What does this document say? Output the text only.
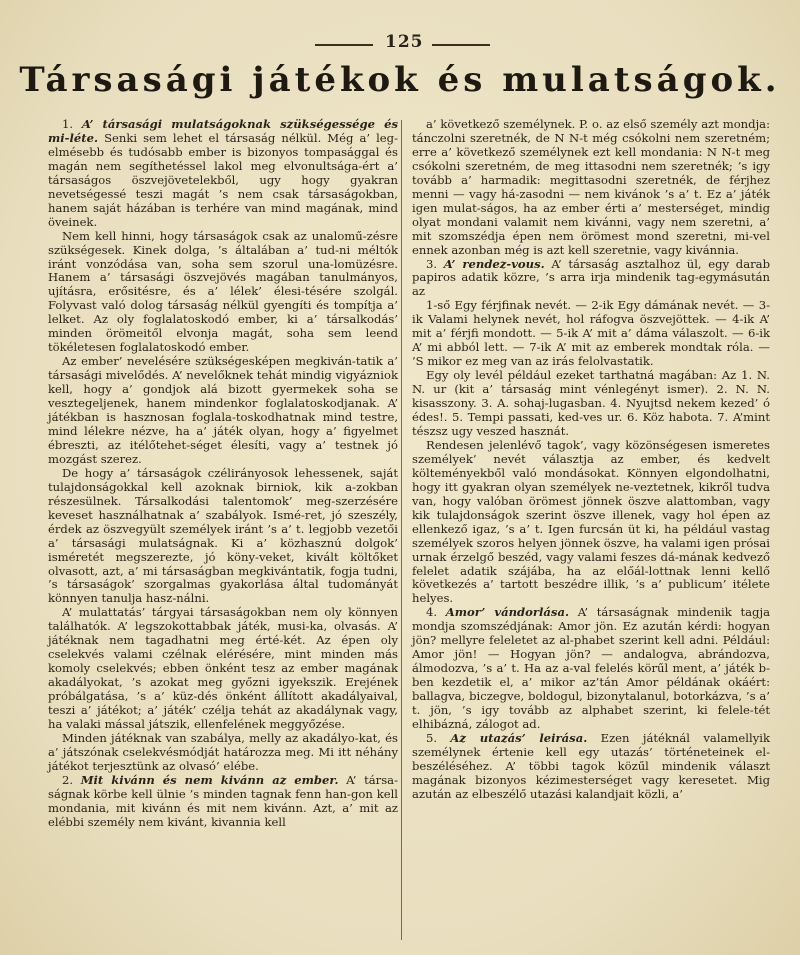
125
Társasági játékok és mulatságok.

1. A’ társasági mulatságoknak szükségessége és mi-léte. Senki sem lehet el társaság nélkül. Még a’ leg-elmésebb és tudósabb ember is bizonyos tompasággal és magán nem segíthetéssel lakol meg elvonultsága-ért a’ társaságos öszvejövetelekből, ugy hogy gyakran nevetségessé teszi magát ’s nem csak társaságokban, hanem saját házában is terhére van mind magának, mind öveinek.

Nem kell hinni, hogy társaságok csak az unalomű-zésre szükségesek. Kinek dolga, ’s általában a’ tud-ni méltók iránt vonzódása van, soha sem szorul una-lomüzésre. Hanem a’ társasági öszvejövés magában tanulmányos, ujításra, erősitésre, és a’ lélek’ élesi-tésére szolgál. Folyvast való dolog társaság nélkül gyengíti és tompítja a’ lelket. Az oly foglalatoskodó ember, ki a’ társalkodás’ minden örömeitől elvonja magát, soha sem leend tökéletesen foglalatoskodó ember.

Az ember’ nevelésére szükségesképen megkiván-tatik a’ társasági mivelődés. A’ nevelőknek tehát mindig vigyázniok kell, hogy a’ gondjok alá bizott gyermekek soha se vesztegeljenek, hanem mindenkor foglalatoskodjanak. A’ játékban is hasznosan foglala-toskodhatnak mind testre, mind lélekre nézve, ha a’ játék olyan, hogy a’ figyelmet ébreszti, az itélőtehet-séget élesíti, vagy a’ testnek jó mozgást szerez.

De hogy a’ társaságok czélirányosok lehessenek, saját tulajdonságokkal kell azoknak birniok, kik a-zokban részesülnek. Társalkodási talentomok’ meg-szerzésére keveset használhatnak a’ szabályok. Ismé-ret, jó szeszély, érdek az öszvegyült személyek iránt ’s a’ t. legjobb vezetői a’ társasági mulatságnak. Ki a’ közhasznú dolgok’ isméretét megszerezte, jó köny-veket, kivált költőket olvasott, azt, a’ mi társaságban megkivántatik, fogja tudni, ’s társaságok’ szorgalmas gyakorlása által tudományát könnyen tanulja hasz-nálni.

A’ mulattatás’ tárgyai társaságokban nem oly könnyen találhatók. A’ legszokottabbak játék, musi-ka, olvasás. A’ játéknak nem tagadhatni meg érté-két. Az épen oly cselekvés valami czélnak elérésére, mint minden más komoly cselekvés; ebben önként tesz az ember magának akadályokat, ’s azokat meg győzni igyekszik. Erejének próbálgatása, ’s a’ küz-dés önként állított akadályaival, teszi a’ játékot; a’ játék’ czélja tehát az akadálynak vagy, ha valaki mással játszik, ellenfelének meggyőzése.

Minden játéknak van szabálya, melly az akadályo-kat, és a’ játszónak cselekvésmódját határozza meg. Mi itt néhány játékot terjesztünk az olvasó’ elébe.

2. Mit kivánn és nem kivánn az ember. A’ társa-ságnak körbe kell ülnie ’s minden tagnak fenn han-gon kell mondania, mit kivánn és mit nem kivánn. Azt, a’ mit az elébbi személy nem kivánt, kivannia kell

a’ következő személynek. P. o. az első személy azt mondja: tánczolni szeretnék, de N N-t még csókolni nem szeretném; erre a’ következő személynek ezt kell mondania: N N-t meg csókolni szeretném, de meg ittasodni nem szeretnék; ’s igy tovább a’ harmadik: megittasodni szeretnék, de férjhez menni — vagy há-zasodni — nem kivánok ’s a’ t. Ez a’ játék igen mulat-ságos, ha az ember érti a’ mesterséget, mindig olyat mondani valamit nem kivánni, vagy nem szeretni, a’ mit szomszédja épen nem örömest mond szeretni, mi-vel ennek azonban még is azt kell szeretnie, vagy kivánnia.

3. A’ rendez-vous. A’ társaság asztalhoz ül, egy darab papiros adatik közre, ’s arra irja mindenik tag-egymásután az

1-ső Egy férjfinak nevét. — 2-ik Egy dámának nevét. — 3-ik Valami helynek nevét, hol ráfogva öszvejöttek. — 4-ik A’ mit a’ férjfi mondott. — 5-ik A’ mit a’ dáma válaszolt. — 6-ik A’ mi abból lett. — 7-ik A’ mit az emberek mondtak róla. — ’S mikor ez meg van az irás felolvastatik.

Egy oly levél például ezeket tarthatná magában: Az 1. N. N. ur (kit a’ társaság mint vénlegényt ismer). 2. N. N. kisasszony. 3. A. sohaj-lugasban. 4. Nyujtsd nekem kezed’ ó édes!. 5. Tempi passati, ked-ves ur. 6. Köz habota. 7. A’mint tészsz ugy veszed hasznát.

Rendesen jelenlévő tagok’, vagy közönségesen ismeretes személyek’ nevét választja az ember, és kedvelt költeményekből való mondásokat. Könnyen elgondolhatni, hogy itt gyakran olyan személyek ne-veztetnek, kikről tudva van, hogy valóban örömest jönnek öszve alattomban, vagy kik tulajdonságok szerint öszve illenek, vagy hol épen az ellenkező igaz, ’s a’ t. Igen furcsán üt ki, ha például vastag személyek szoros helyen jönnek öszve, ha valami igen prósai urnak érzelgő beszéd, vagy valami feszes dá-mának kedvező felelet adatik szájába, ha az előál-lottnak lenni kellő következés a’ tartott beszédre illik, ’s a’ publicum’ itélete helyes.

4. Amor’ vándorlása. A’ társaságnak mindenik tagja mondja szomszédjának: Amor jön. Ez azután kérdi: hogyan jön? mellyre feleletet az al-phabet szerint kell adni. Például: Amor jön! — Hogyan jön? — andalogva, abrándozva, álmodozva, ’s a’ t. Ha az a-val felelés körűl ment, a’ játék b-ben kezdetik el, a’ mikor az’tán Amor példának okáért: ballagva, biczegve, boldogul, bizonytalanul, botorkázva, ’s a’ t. jön, ’s igy tovább az alphabet szerint, ki felele-tét elhibázná, zálogot ad.

5. Az utazás’ leirása. Ezen játéknál valamellyik személynek értenie kell egy utazás’ történeteinek el-beszéléséhez. A’ többi tagok közűl mindenik választ magának bizonyos kézimesterséget vagy keresetet. Mig azután az elbeszélő utazási kalandjait közli, a’
